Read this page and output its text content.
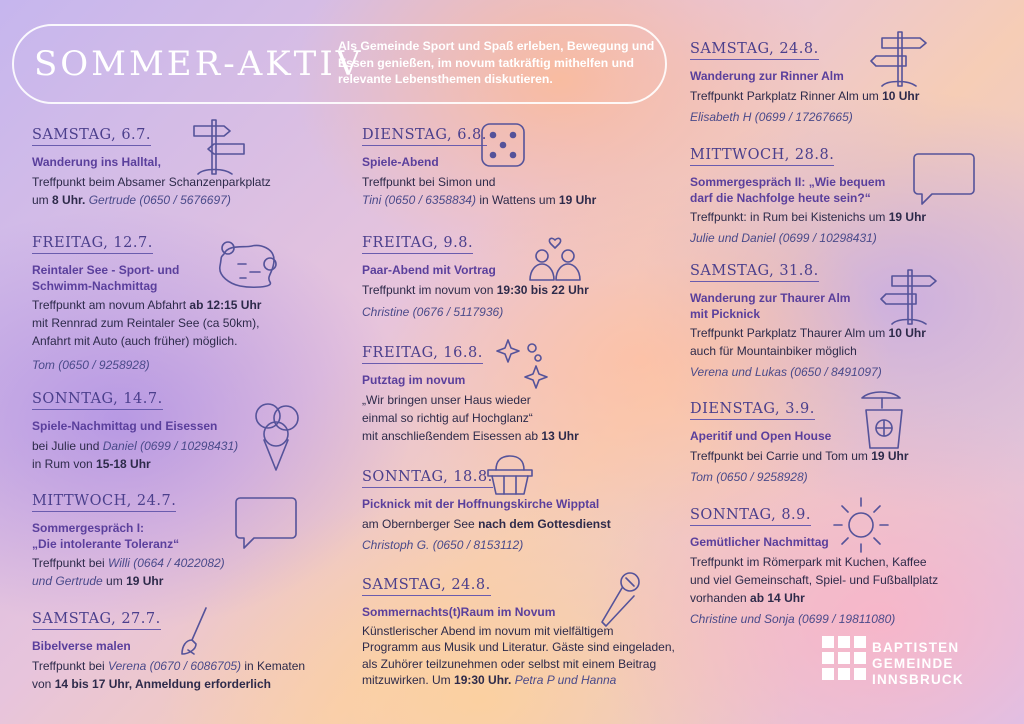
SOMMER-AKTIV
Als Gemeinde Sport und Spaß erleben, Bewegung und Essen genießen, im novum tatkräftig mithelfen und relevante Lebensthemen diskutieren.
SAMSTAG, 6.7.
Wanderung ins Halltal,
Treffpunkt beim Absamer Schanzenparkplatz
um 8 Uhr. Gertrude (0650 / 5676697)
FREITAG, 12.7.
Reintaler See - Sport- und Schwimm-Nachmittag
Treffpunkt am novum Abfahrt ab 12:15 Uhr
mit Rennrad zum Reintaler See (ca 50km),
Anfahrt mit Auto (auch früher) möglich.
Tom (0650 / 9258928)
SONNTAG, 14.7.
Spiele-Nachmittag und Eisessen
bei Julie und Daniel (0699 / 10298431)
in Rum von 15-18 Uhr
MITTWOCH, 24.7.
Sommergespräch I:
„Die intolerante Toleranz“
Treffpunkt bei Willi (0664 / 4022082)
und Gertrude um 19 Uhr
SAMSTAG, 27.7.
Bibelverse malen
Treffpunkt bei Verena (0670 / 6086705) in Kematen
von 14 bis 17 Uhr, Anmeldung erforderlich
DIENSTAG, 6.8.
Spiele-Abend
Treffpunkt bei Simon und
Tini (0650 / 6358834) in Wattens um 19 Uhr
FREITAG, 9.8.
Paar-Abend mit Vortrag
Treffpunkt im novum von 19:30 bis 22 Uhr
Christine (0676 / 5117936)
FREITAG, 16.8.
Putztag im novum
„Wir bringen unser Haus wieder
einmal so richtig auf Hochglanz“
mit anschließendem Eisessen ab 13 Uhr
SONNTAG, 18.8.
Picknick mit der Hoffnungskirche Wipptal
am Obernberger See nach dem Gottesdienst
Christoph G. (0650 / 8153112)
SAMSTAG, 24.8.
Sommernachts(t)Raum im Novum
Künstlerischer Abend im novum mit vielfältigem
Programm aus Musik und Literatur. Gäste sind eingeladen,
als Zuhörer teilzunehmen oder selbst mit einem Beitrag
mitzuwirken. Um 19:30 Uhr. Petra P und Hanna
SAMSTAG, 24.8.
Wanderung zur Rinner Alm
Treffpunkt Parkplatz Rinner Alm um 10 Uhr
Elisabeth H (0699 / 17267665)
MITTWOCH, 28.8.
Sommergespräch II: „Wie bequem
darf die Nachfolge heute sein?“
Treffpunkt: in Rum bei Kistenichs um 19 Uhr
Julie und Daniel (0699 / 10298431)
SAMSTAG, 31.8.
Wanderung zur Thaurer Alm
mit Picknick
Treffpunkt Parkplatz Thaurer Alm um 10 Uhr
auch für Mountainbiker möglich
Verena und Lukas (0650 / 8491097)
DIENSTAG, 3.9.
Aperitif und Open House
Treffpunkt bei Carrie und Tom um 19 Uhr
Tom (0650 / 9258928)
SONNTAG, 8.9.
Gemütlicher Nachmittag
Treffpunkt im Römerpark mit Kuchen, Kaffee
und viel Gemeinschaft, Spiel- und Fußballplatz
vorhanden ab 14 Uhr
Christine und Sonja (0699 / 19811080)
BAPTISTEN
GEMEINDE
INNSBRUCK
